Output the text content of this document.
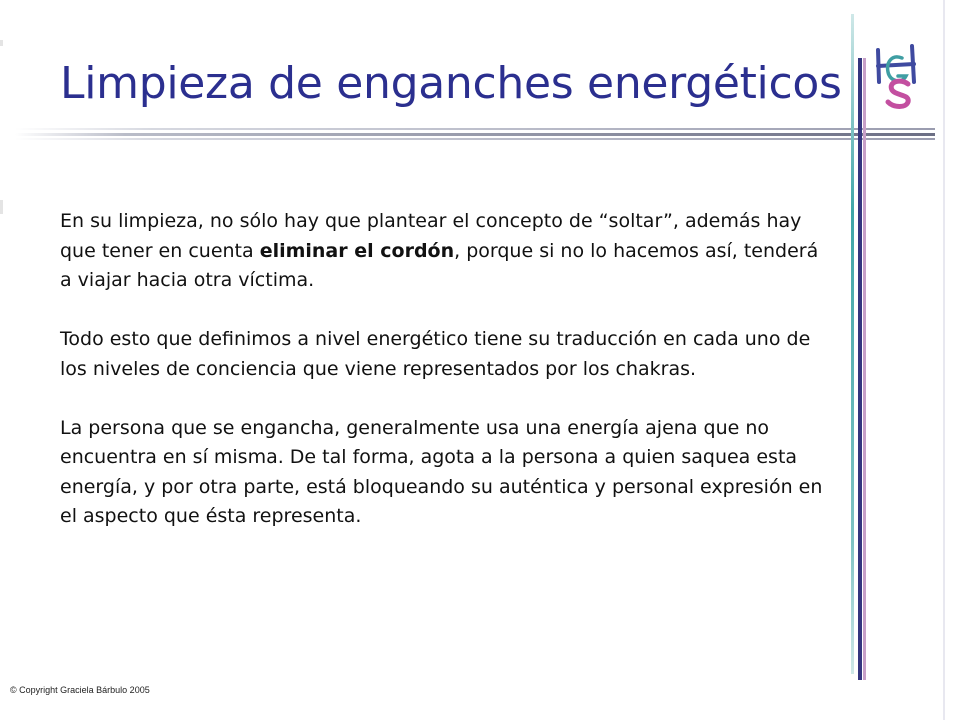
Limpieza de enganches energéticos

En su limpieza, no sólo hay que plantear el concepto de “soltar”, además hay que tener en cuenta eliminar el cordón, porque si no lo hacemos así, tenderá a viajar hacia otra víctima.

Todo esto que definimos a nivel energético tiene su traducción en cada uno de los niveles de conciencia que viene representados por los chakras.

La persona que se engancha, generalmente usa una energía ajena que no encuentra en sí misma. De tal forma, agota a la persona a quien saquea esta energía, y por otra parte, está bloqueando su auténtica y personal expresión en el aspecto que ésta representa.

© Copyright Graciela Bárbulo 2005
